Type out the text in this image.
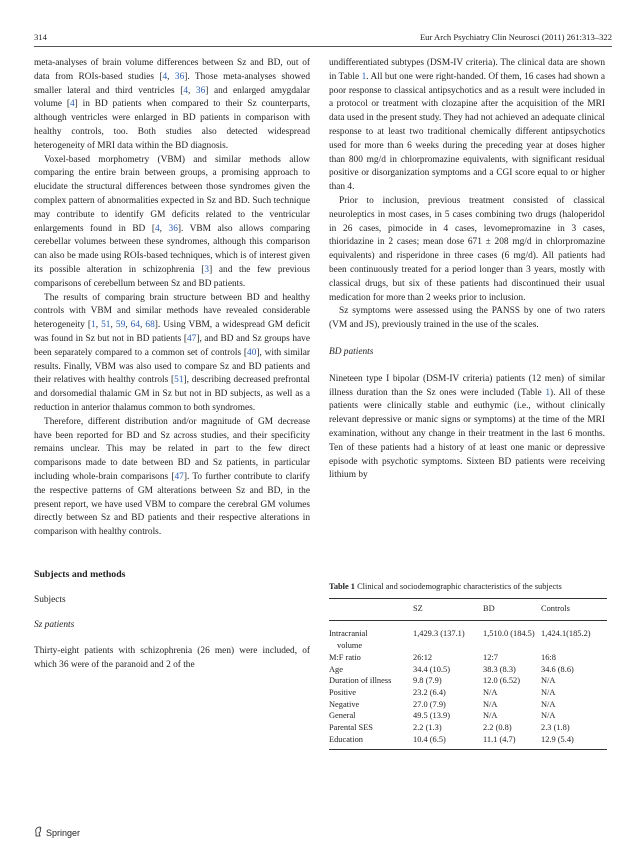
314	Eur Arch Psychiatry Clin Neurosci (2011) 261:313–322

meta-analyses of brain volume differences between Sz and BD, out of data from ROIs-based studies [4, 36]. Those meta-analyses showed smaller lateral and third ventricles [4, 36] and enlarged amygdalar volume [4] in BD patients when compared to their Sz counterparts, although ventricles were enlarged in BD patients in comparison with healthy controls, too. Both studies also detected widespread heterogeneity of MRI data within the BD diagnosis.

Voxel-based morphometry (VBM) and similar methods allow comparing the entire brain between groups, a promising approach to elucidate the structural differences between those syndromes given the complex pattern of abnormalities expected in Sz and BD. Such technique may contribute to identify GM deficits related to the ventricular enlargements found in BD [4, 36]. VBM also allows comparing cerebellar volumes between these syndromes, although this comparison can also be made using ROIs-based techniques, which is of interest given its possible alteration in schizophrenia [3] and the few previous comparisons of cerebellum between Sz and BD patients.

The results of comparing brain structure between BD and healthy controls with VBM and similar methods have revealed considerable heterogeneity [1, 51, 59, 64, 68]. Using VBM, a widespread GM deficit was found in Sz but not in BD patients [47], and BD and Sz groups have been separately compared to a common set of controls [40], with similar results. Finally, VBM was also used to compare Sz and BD patients and their relatives with healthy controls [51], describing decreased prefrontal and dorsomedial thalamic GM in Sz but not in BD subjects, as well as a reduction in anterior thalamus common to both syndromes.

Therefore, different distribution and/or magnitude of GM decrease have been reported for BD and Sz across studies, and their specificity remains unclear. This may be related in part to the few direct comparisons made to date between BD and Sz patients, in particular including whole-brain comparisons [47]. To further contribute to clarify the respective patterns of GM alterations between Sz and BD, in the present report, we have used VBM to compare the cerebral GM volumes directly between Sz and BD patients and their respective alterations in comparison with healthy controls.

Subjects and methods

Subjects

Sz patients

Thirty-eight patients with schizophrenia (26 men) were included, of which 36 were of the paranoid and 2 of the

undifferentiated subtypes (DSM-IV criteria). The clinical data are shown in Table 1. All but one were right-handed. Of them, 16 cases had shown a poor response to classical antipsychotics and as a result were included in a protocol or treatment with clozapine after the acquisition of the MRI data used in the present study. They had not achieved an adequate clinical response to at least two traditional chemically different antipsychotics used for more than 6 weeks during the preceding year at doses higher than 800 mg/d in chlorpromazine equivalents, with significant residual positive or disorganization symptoms and a CGI score equal to or higher than 4.

Prior to inclusion, previous treatment consisted of classical neuroleptics in most cases, in 5 cases combining two drugs (haloperidol in 26 cases, pimocide in 4 cases, levomepromazine in 3 cases, thioridazine in 2 cases; mean dose 671 ± 208 mg/d in chlorpromazine equivalents) and risperidone in three cases (6 mg/d). All patients had been continuously treated for a period longer than 3 years, mostly with classical drugs, but six of these patients had discontinued their usual medication for more than 2 weeks prior to inclusion.

Sz symptoms were assessed using the PANSS by one of two raters (VM and JS), previously trained in the use of the scales.

BD patients

Nineteen type I bipolar (DSM-IV criteria) patients (12 men) of similar illness duration than the Sz ones were included (Table 1). All of these patients were clinically stable and euthymic (i.e., without clinically relevant depressive or manic signs or symptoms) at the time of the MRI examination, without any change in their treatment in the last 6 months. Ten of these patients had a history of at least one manic or depressive episode with psychotic symptoms. Sixteen BD patients were receiving lithium by

Table 1 Clinical and sociodemographic characteristics of the subjects
	SZ	BD	Controls

Intracranial
volume	1,429.3 (137.1)	1,510.0 (184.5)	1,424.1(185.2)
M:F ratio	26:12	12:7	16:8
Age	34.4 (10.5)	38.3 (8.3)	34.6 (8.6)
Duration of illness	9.8 (7.9)	12.0 (6.52)	N/A
Positive	23.2 (6.4)	N/A	N/A
Negative	27.0 (7.9)	N/A	N/A
General	49.5 (13.9)	N/A	N/A
Parental SES	2.2 (1.3)	2.2 (0.8)	2.3 (1.8)
Education	10.4 (6.5)	11.1 (4.7)	12.9 (5.4)
Springer
